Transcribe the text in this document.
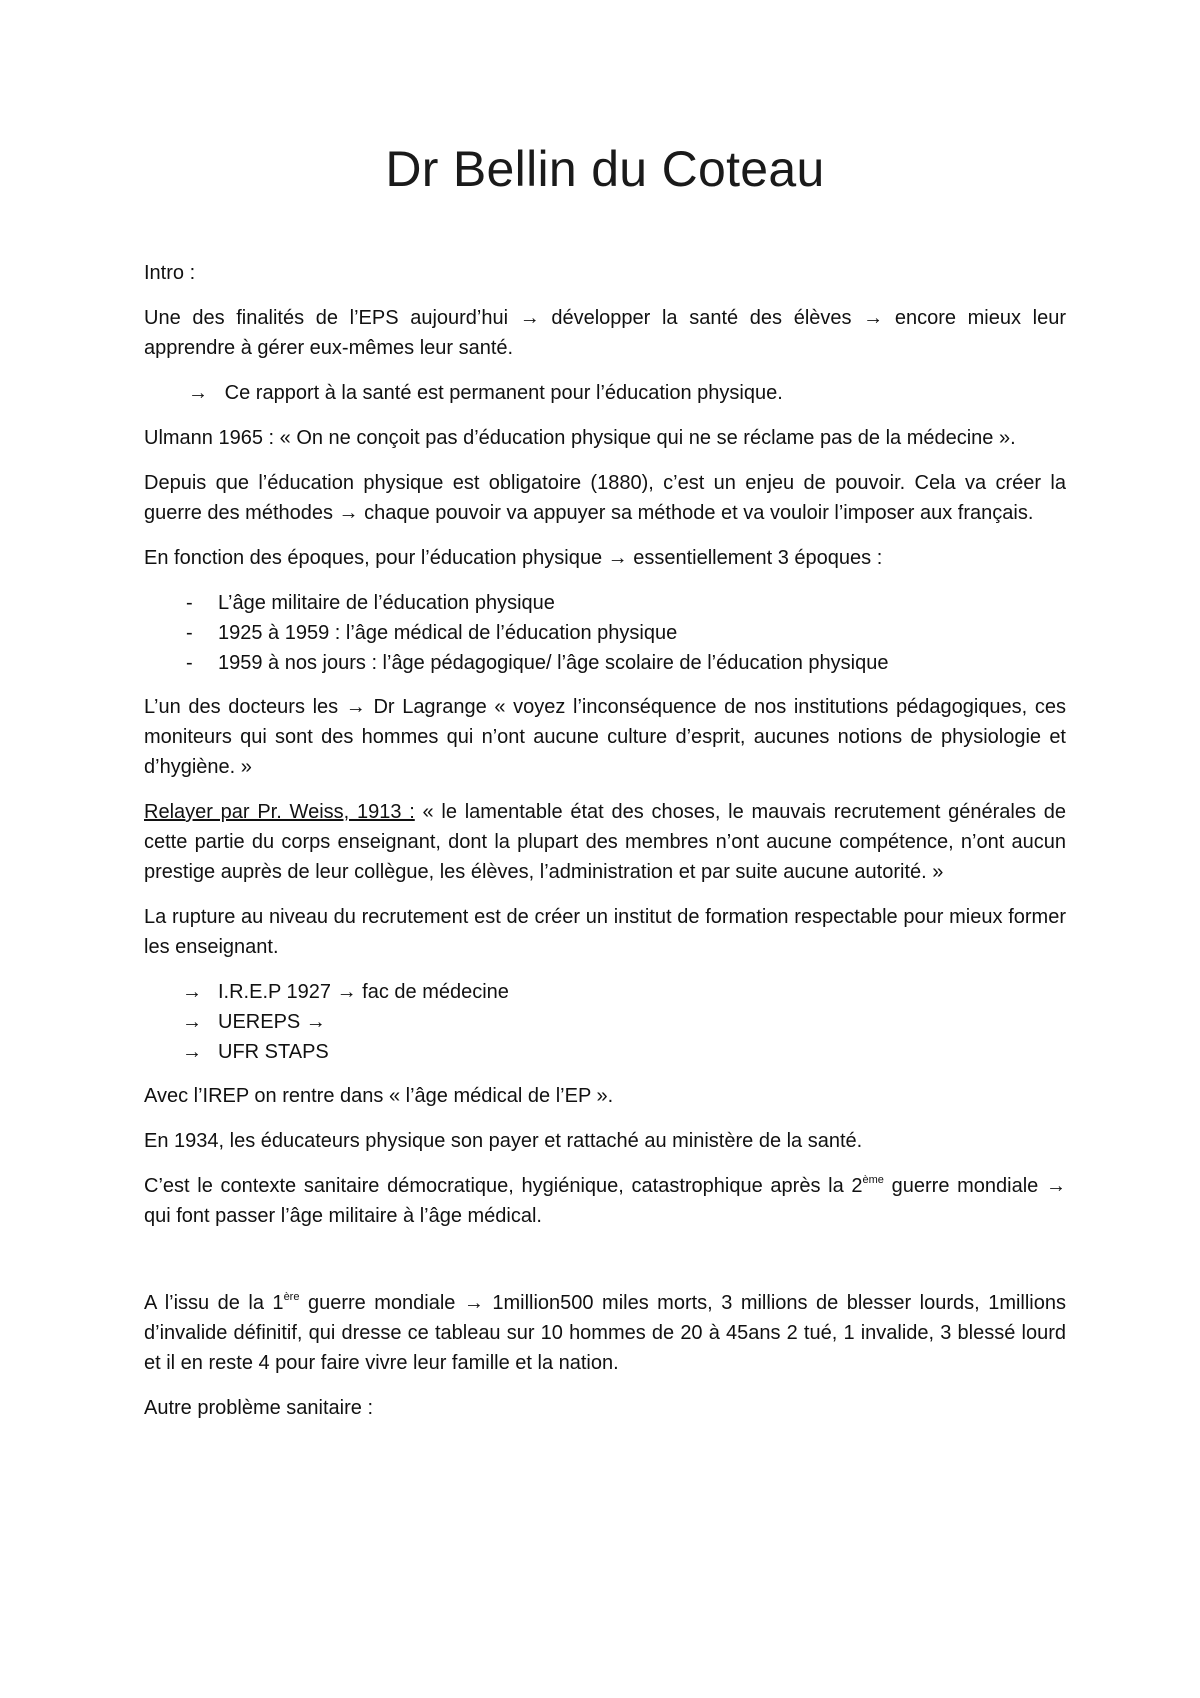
Dr Bellin du Coteau

Intro :

Une des finalités de l’EPS aujourd’hui → développer la santé des élèves → encore mieux leur apprendre à gérer eux-mêmes leur santé.

→ Ce rapport à la santé est permanent pour l’éducation physique.

Ulmann 1965 : « On ne conçoit pas d’éducation physique qui ne se réclame pas de la médecine ».

Depuis que l’éducation physique est obligatoire (1880), c’est un enjeu de pouvoir. Cela va créer la guerre des méthodes → chaque pouvoir va appuyer sa méthode et va vouloir l’imposer aux français.

En fonction des époques, pour l’éducation physique → essentiellement 3 époques :

- L’âge militaire de l’éducation physique
- 1925 à 1959 : l’âge médical de l’éducation physique
- 1959 à nos jours : l’âge pédagogique/ l’âge scolaire de l’éducation physique

L’un des docteurs les → Dr Lagrange « voyez l’inconséquence de nos institutions pédagogiques, ces moniteurs qui sont des hommes qui n’ont aucune culture d’esprit, aucunes notions de physiologie et d’hygiène. »

Relayer par Pr. Weiss, 1913 : « le lamentable état des choses, le mauvais recrutement générales de cette partie du corps enseignant, dont la plupart des membres n’ont aucune compétence, n’ont aucun prestige auprès de leur collègue, les élèves, l’administration et par suite aucune autorité. »

La rupture au niveau du recrutement est de créer un institut de formation respectable pour mieux former les enseignant.

→ I.R.E.P 1927 → fac de médecine
→ UEREPS →
→ UFR STAPS

Avec l’IREP on rentre dans « l’âge médical de l’EP ».

En 1934, les éducateurs physique son payer et rattaché au ministère de la santé.

C’est le contexte sanitaire démocratique, hygiénique, catastrophique après la 2ème guerre mondiale → qui font passer l’âge militaire à l’âge médical.

A l’issu de la 1ère guerre mondiale → 1million500 miles morts, 3 millions de blesser lourds, 1millions d’invalide définitif, qui dresse ce tableau sur 10 hommes de 20 à 45ans 2 tué, 1 invalide, 3 blessé lourd et il en reste 4 pour faire vivre leur famille et la nation.

Autre problème sanitaire :
